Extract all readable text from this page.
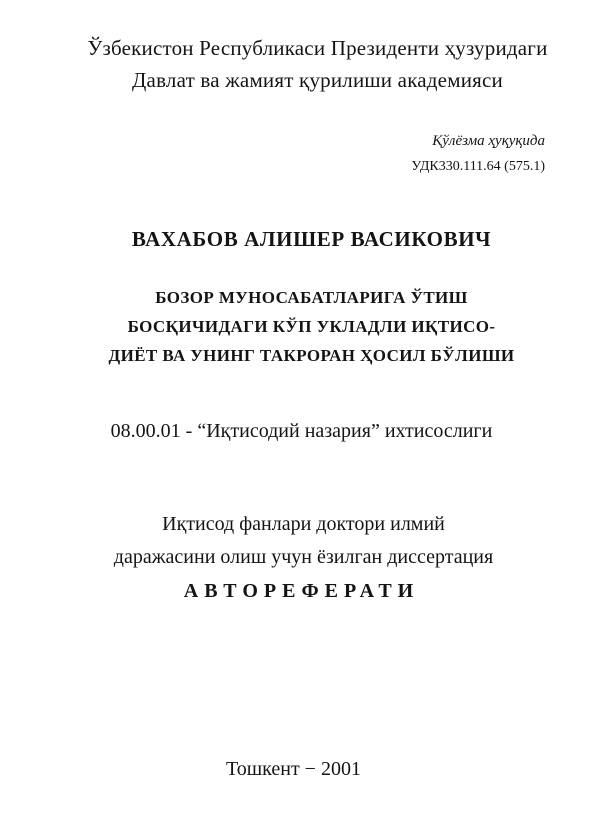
Ўзбекистон Республикаси Президенти ҳузуридаги
Давлат ва жамият қурилиши академияси
Қўлёзма ҳуқуқида
УДК330.111.64 (575.1)
ВАХАБОВ АЛИШЕР ВАСИКОВИЧ
БОЗОР МУНОСАБАТЛАРИГА ЎТИШ
БОСҚИЧИДАГИ КЎП УКЛАДЛИ ИҚТИСО-
ДИЁТ ВА УНИНГ ТАКРОРАН ҲОСИЛ БЎЛИШИ
08.00.01 - “Иқтисодий назария” ихтисослиги
Иқтисод фанлари доктори илмий
даражасини олиш учун ёзилган диссертация
АВТОРЕФЕРАТИ
Тошкент − 2001
